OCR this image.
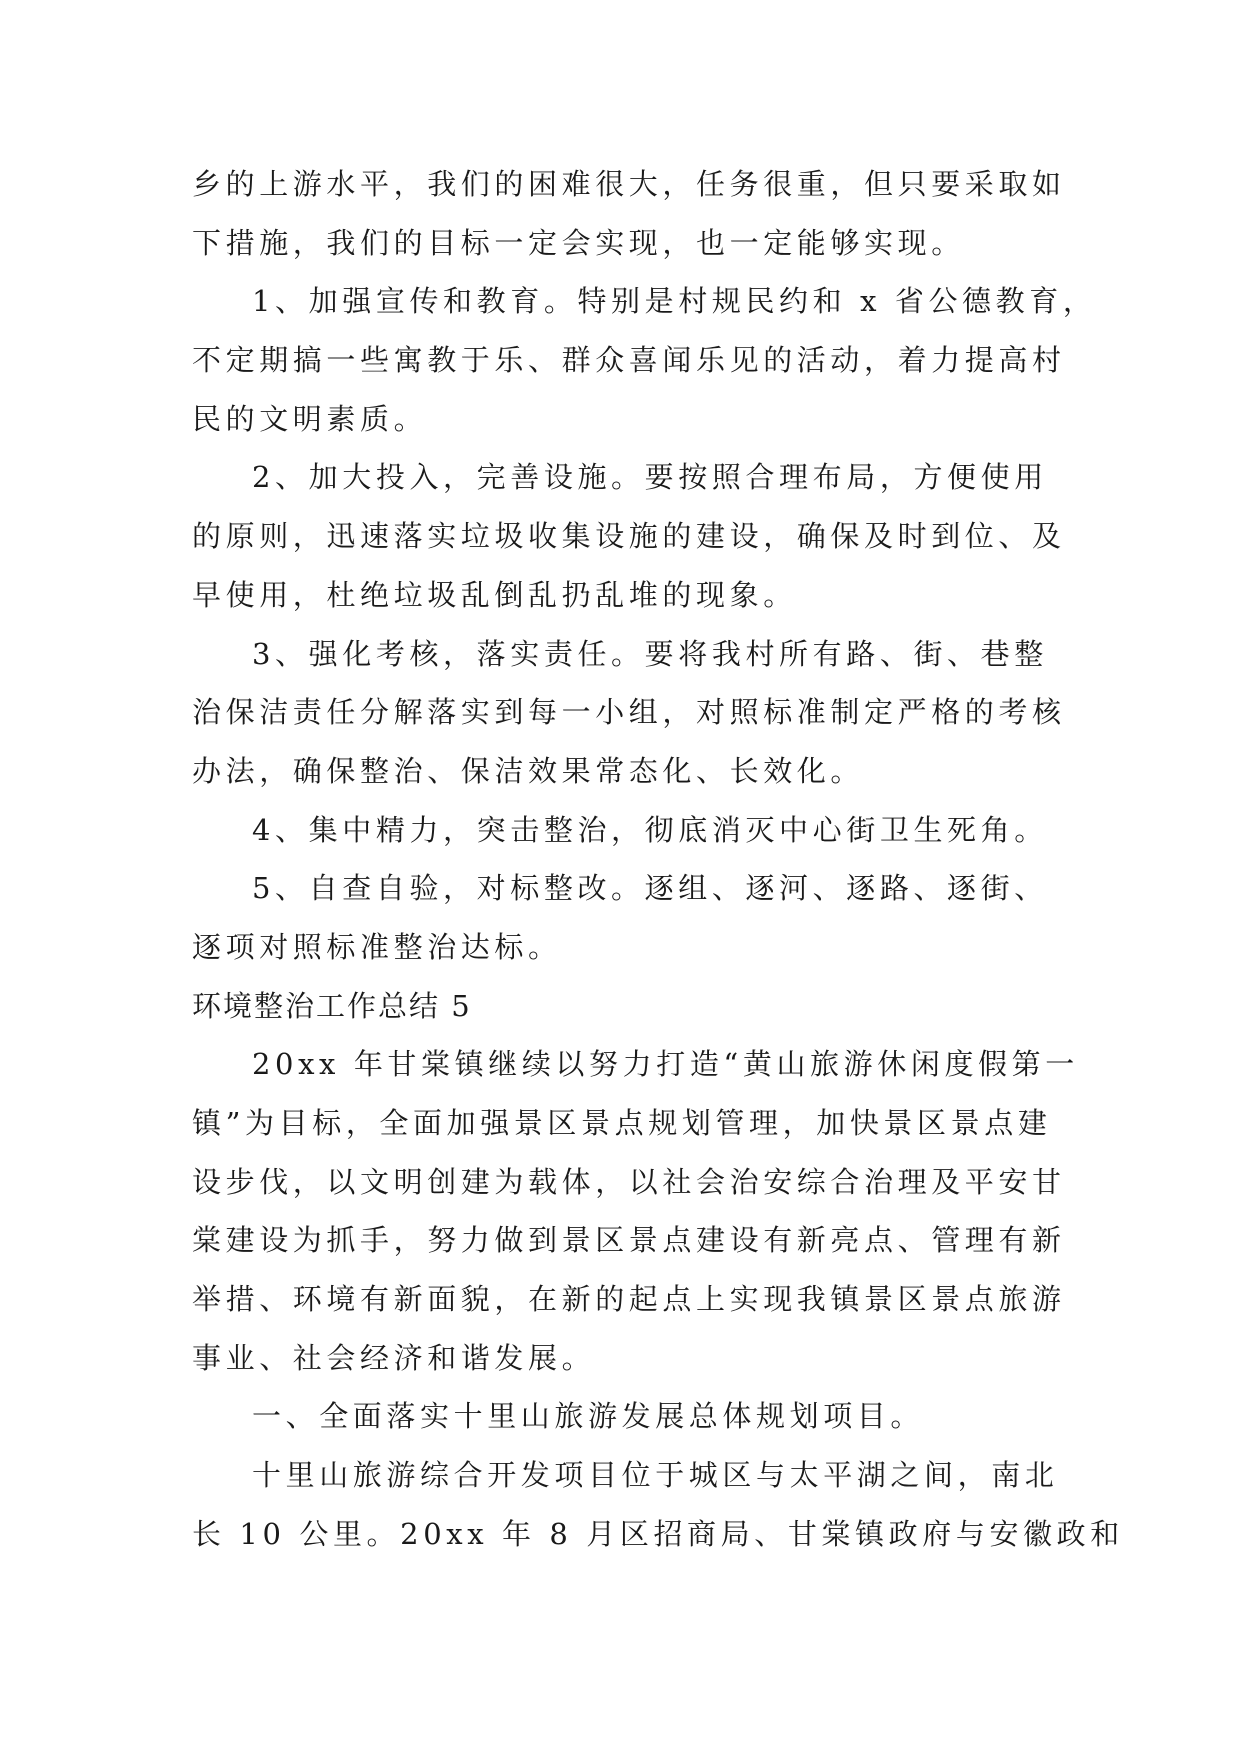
乡的上游水平，我们的困难很大，任务很重，但只要采取如
下措施，我们的目标一定会实现，也一定能够实现。
1、加强宣传和教育。特别是村规民约和 x 省公德教育，
不定期搞一些寓教于乐、群众喜闻乐见的活动，着力提高村
民的文明素质。
2、加大投入，完善设施。要按照合理布局，方便使用
的原则，迅速落实垃圾收集设施的建设，确保及时到位、及
早使用，杜绝垃圾乱倒乱扔乱堆的现象。
3、强化考核，落实责任。要将我村所有路、街、巷整
治保洁责任分解落实到每一小组，对照标准制定严格的考核
办法，确保整治、保洁效果常态化、长效化。
4、集中精力，突击整治，彻底消灭中心街卫生死角。
5、自查自验，对标整改。逐组、逐河、逐路、逐街、
逐项对照标准整治达标。
环境整治工作总结 5
20xx 年甘棠镇继续以努力打造“黄山旅游休闲度假第一
镇”为目标，全面加强景区景点规划管理，加快景区景点建
设步伐，以文明创建为载体，以社会治安综合治理及平安甘
棠建设为抓手，努力做到景区景点建设有新亮点、管理有新
举措、环境有新面貌，在新的起点上实现我镇景区景点旅游
事业、社会经济和谐发展。
一、全面落实十里山旅游发展总体规划项目。
十里山旅游综合开发项目位于城区与太平湖之间，南北
长 10 公里。20xx 年 8 月区招商局、甘棠镇政府与安徽政和
